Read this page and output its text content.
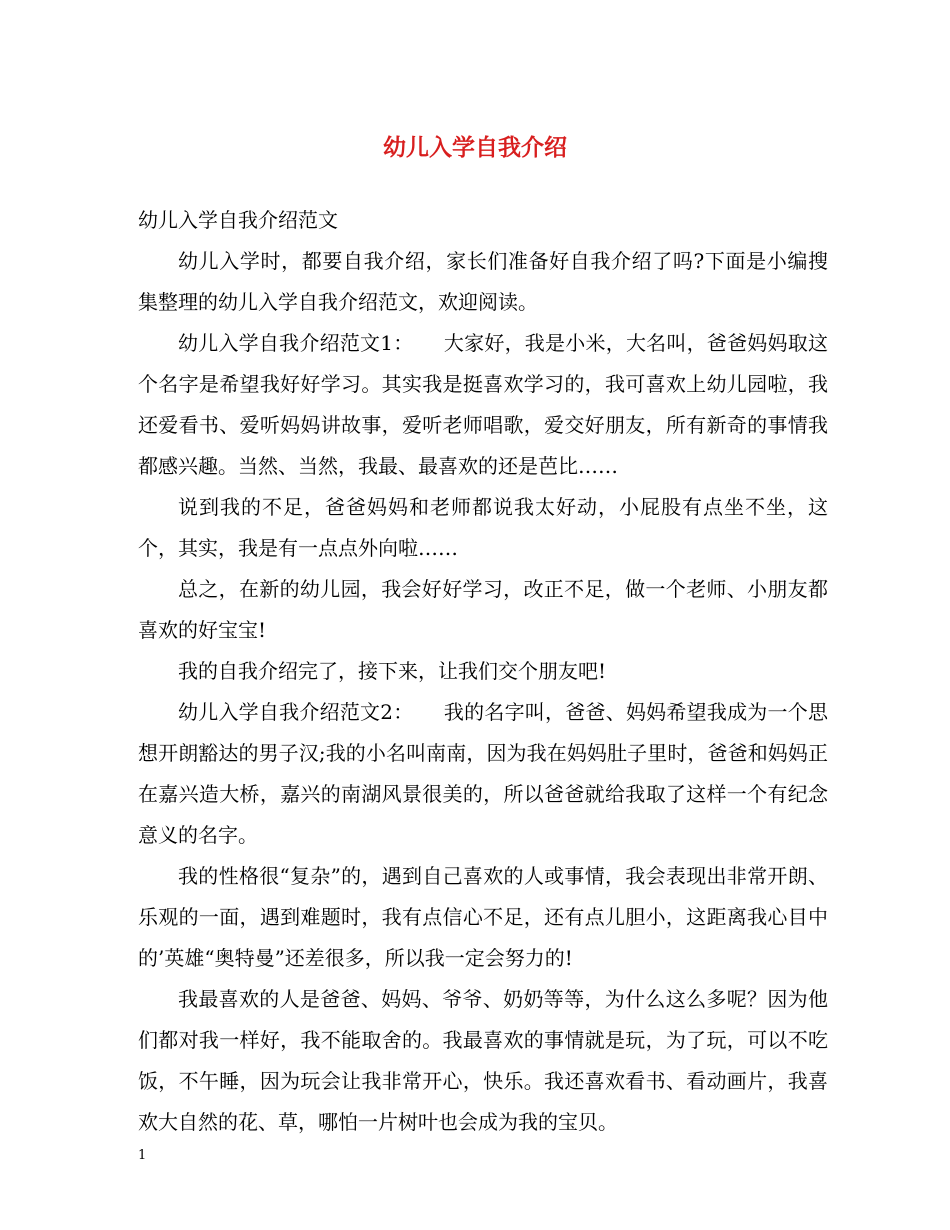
幼儿入学自我介绍

幼儿入学自我介绍范文

幼儿入学时，都要自我介绍，家长们准备好自我介绍了吗?下面是小编搜集整理的幼儿入学自我介绍范文，欢迎阅读。

幼儿入学自我介绍范文1：　　大家好，我是小米，大名叫，爸爸妈妈取这个名字是希望我好好学习。其实我是挺喜欢学习的，我可喜欢上幼儿园啦，我还爱看书、爱听妈妈讲故事，爱听老师唱歌，爱交好朋友，所有新奇的事情我都感兴趣。当然、当然，我最、最喜欢的还是芭比……

说到我的不足，爸爸妈妈和老师都说我太好动，小屁股有点坐不坐，这个，其实，我是有一点点外向啦……

总之，在新的幼儿园，我会好好学习，改正不足，做一个老师、小朋友都喜欢的好宝宝!

我的自我介绍完了，接下来，让我们交个朋友吧!

幼儿入学自我介绍范文2：　　我的名字叫，爸爸、妈妈希望我成为一个思想开朗豁达的男子汉;我的小名叫南南，因为我在妈妈肚子里时，爸爸和妈妈正在嘉兴造大桥，嘉兴的南湖风景很美的，所以爸爸就给我取了这样一个有纪念意义的名字。

我的性格很“复杂”的，遇到自己喜欢的人或事情，我会表现出非常开朗、乐观的一面，遇到难题时，我有点信心不足，还有点儿胆小，这距离我心目中的’英雄“奥特曼”还差很多，所以我一定会努力的!

我最喜欢的人是爸爸、妈妈、爷爷、奶奶等等，为什么这么多呢？因为他们都对我一样好，我不能取舍的。我最喜欢的事情就是玩，为了玩，可以不吃饭，不午睡，因为玩会让我非常开心，快乐。我还喜欢看书、看动画片，我喜欢大自然的花、草，哪怕一片树叶也会成为我的宝贝。

1
